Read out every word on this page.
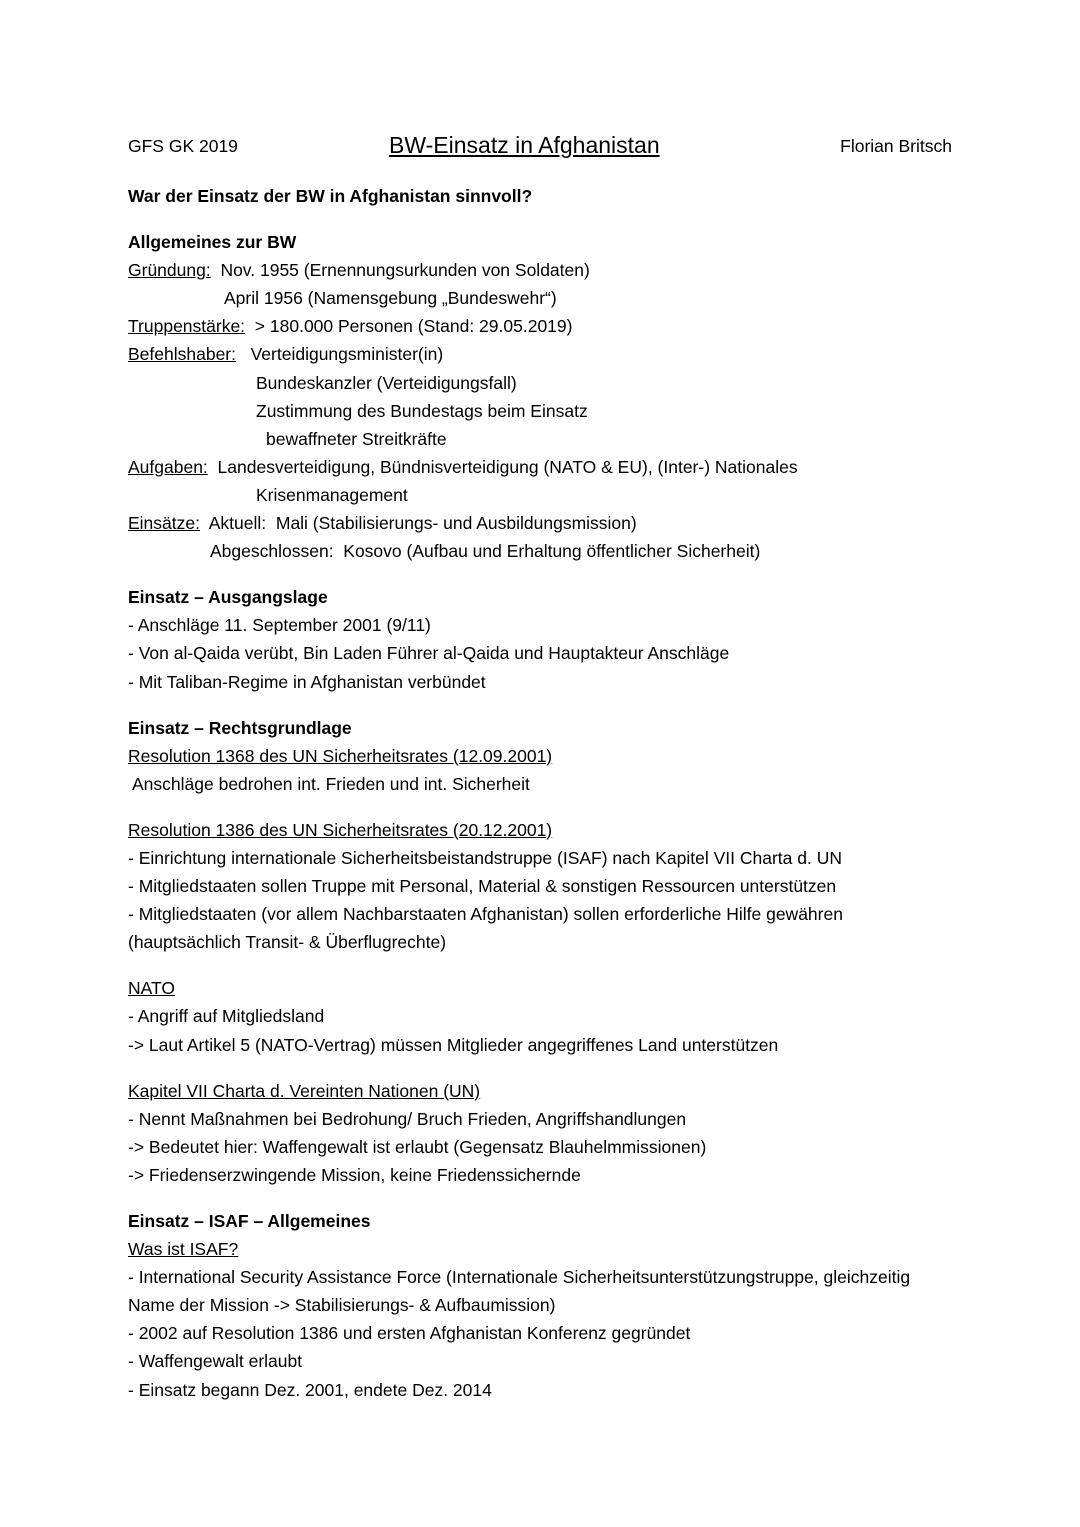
GFS GK 2019	BW-Einsatz in Afghanistan	Florian Britsch
War der Einsatz der BW in Afghanistan sinnvoll?
Allgemeines zur BW
Gründung: Nov. 1955 (Ernennungsurkunden von Soldaten)
April 1956 (Namensgebung „Bundeswehr“)
Truppenstärke: > 180.000 Personen (Stand: 29.05.2019)
Befehlshaber: Verteidigungsminister(in)
Bundeskanzler (Verteidigungsfall)
Zustimmung des Bundestags beim Einsatz
bewaffneter Streitkräfte
Aufgaben: Landesverteidigung, Bündnisverteidigung (NATO & EU), (Inter-) Nationales
Krisenmanagement
Einsätze: Aktuell:  Mali (Stabilisierungs- und Ausbildungsmission)
Abgeschlossen:  Kosovo (Aufbau und Erhaltung öffentlicher Sicherheit)
Einsatz – Ausgangslage
- Anschläge 11. September 2001 (9/11)
- Von al-Qaida verübt, Bin Laden Führer al-Qaida und Hauptakteur Anschläge
- Mit Taliban-Regime in Afghanistan verbündet
Einsatz – Rechtsgrundlage
Resolution 1368 des UN Sicherheitsrates (12.09.2001)
Anschläge bedrohen int. Frieden und int. Sicherheit
Resolution 1386 des UN Sicherheitsrates (20.12.2001)
- Einrichtung internationale Sicherheitsbeistandstruppe (ISAF) nach Kapitel VII Charta d. UN
- Mitgliedstaaten sollen Truppe mit Personal, Material & sonstigen Ressourcen unterstützen
- Mitgliedstaaten (vor allem Nachbarstaaten Afghanistan) sollen erforderliche Hilfe gewähren
(hauptsächlich Transit- & Überflugrechte)
NATO
- Angriff auf Mitgliedsland
-> Laut Artikel 5 (NATO-Vertrag) müssen Mitglieder angegriffenes Land unterstützen
Kapitel VII Charta d. Vereinten Nationen (UN)
- Nennt Maßnahmen bei Bedrohung/ Bruch Frieden, Angriffshandlungen
-> Bedeutet hier: Waffengewalt ist erlaubt (Gegensatz Blauhelmmissionen)
-> Friedenserzwingende Mission, keine Friedenssichernde
Einsatz – ISAF – Allgemeines
Was ist ISAF?
- International Security Assistance Force (Internationale Sicherheitsunterstützungstruppe, gleichzeitig
Name der Mission -> Stabilisierungs- & Aufbaumission)
- 2002 auf Resolution 1386 und ersten Afghanistan Konferenz gegründet
- Waffengewalt erlaubt
- Einsatz begann Dez. 2001, endete Dez. 2014
